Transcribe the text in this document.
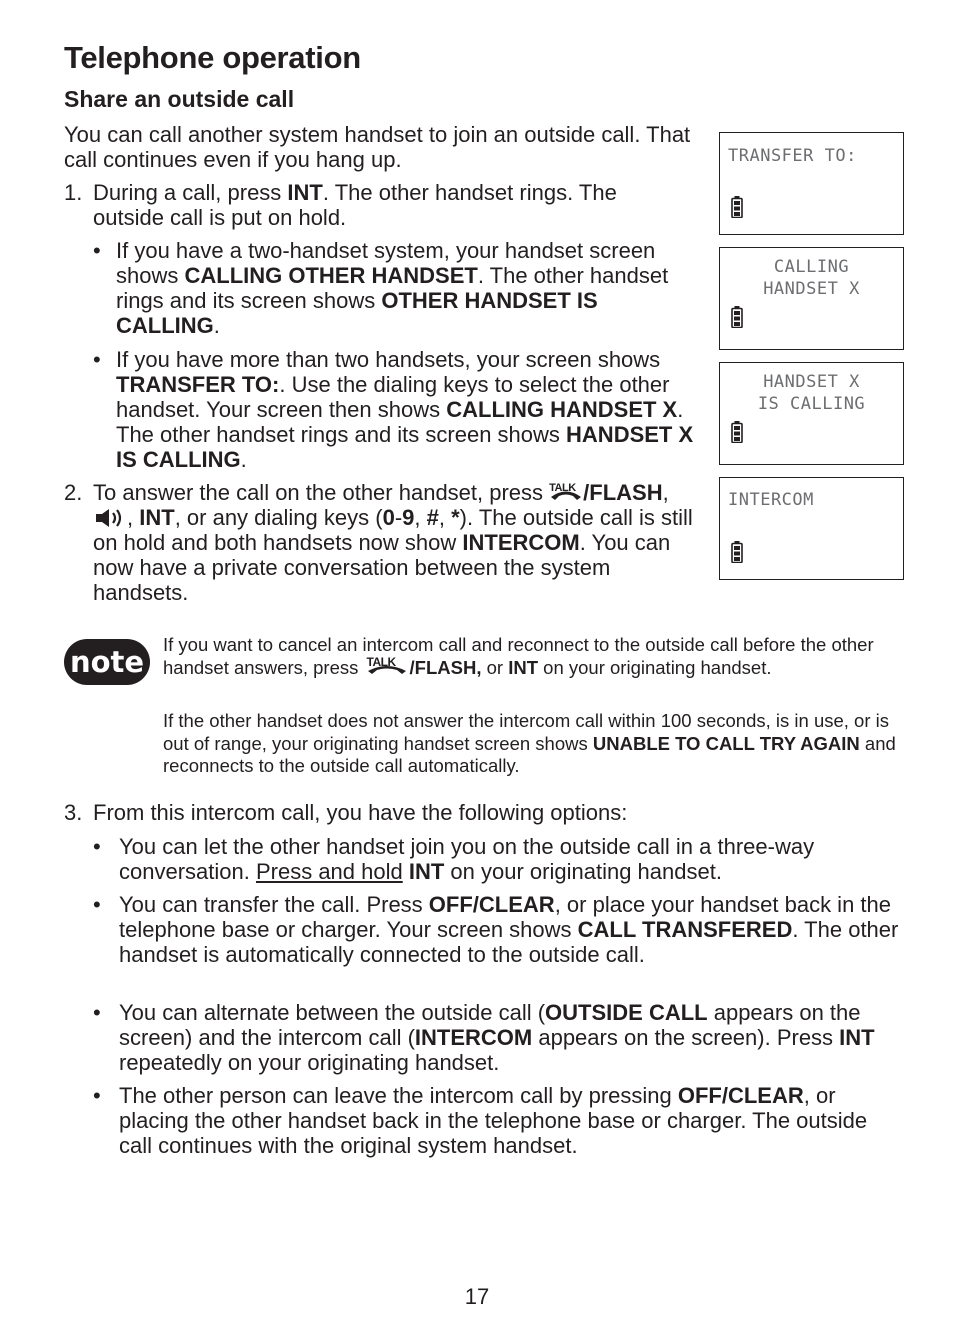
Telephone operation
Share an outside call
You can call another system handset to join an outside call. That call continues even if you hang up.
1. During a call, press INT. The other handset rings. The outside call is put on hold.
• If you have a two-handset system, your handset screen shows CALLING OTHER HANDSET. The other handset rings and its screen shows OTHER HANDSET IS CALLING.
• If you have more than two handsets, your screen shows TRANSFER TO:. Use the dialing keys to select the other handset. Your screen then shows CALLING HANDSET X. The other handset rings and its screen shows HANDSET X IS CALLING.
2. To answer the call on the other handset, press TALK /FLASH, , INT, or any dialing keys (0-9, #, *). The outside call is still on hold and both handsets now show INTERCOM. You can now have a private conversation between the system handsets.
TRANSFER TO:
CALLING
HANDSET X
HANDSET X
IS CALLING
INTERCOM
note
If you want to cancel an intercom call and reconnect to the outside call before the other handset answers, press TALK /FLASH, or INT on your originating handset.
If the other handset does not answer the intercom call within 100 seconds, is in use, or is out of range, your originating handset screen shows UNABLE TO CALL TRY AGAIN and reconnects to the outside call automatically.
3. From this intercom call, you have the following options:
• You can let the other handset join you on the outside call in a three-way conversation. Press and hold INT on your originating handset.
• You can transfer the call. Press OFF/CLEAR, or place your handset back in the telephone base or charger. Your screen shows CALL TRANSFERED. The other handset is automatically connected to the outside call.
• You can alternate between the outside call (OUTSIDE CALL appears on the screen) and the intercom call (INTERCOM appears on the screen). Press INT repeatedly on your originating handset.
• The other person can leave the intercom call by pressing OFF/CLEAR, or placing the other handset back in the telephone base or charger. The outside call continues with the original system handset.
17
